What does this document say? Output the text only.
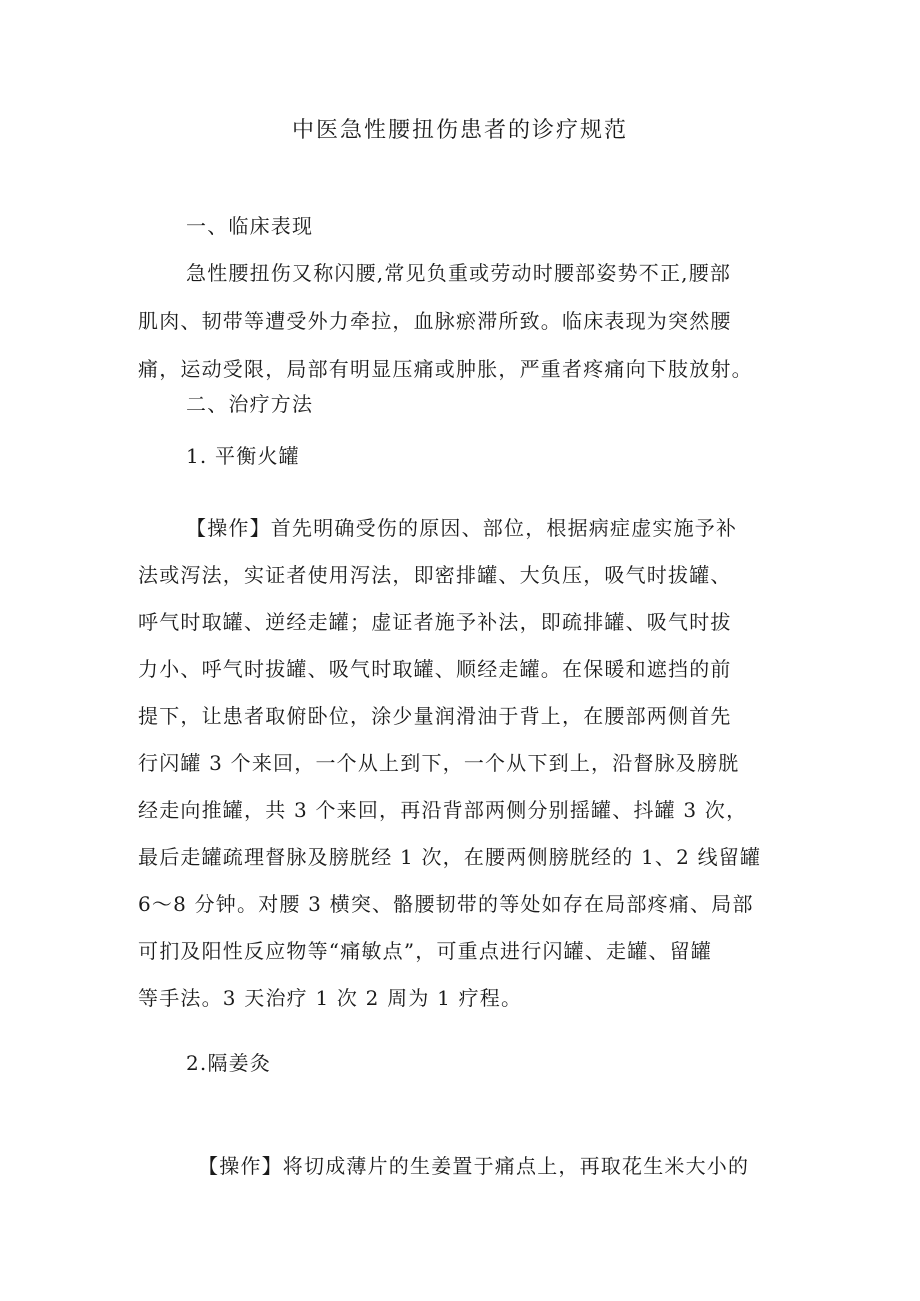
中医急性腰扭伤患者的诊疗规范
一、临床表现
急性腰扭伤又称闪腰,常见负重或劳动时腰部姿势不正,腰部
肌肉、韧带等遭受外力牵拉，血脉瘀滞所致。临床表现为突然腰
痛，运动受限，局部有明显压痛或肿胀，严重者疼痛向下肢放射。
二、治疗方法
1. 平衡火罐
【操作】首先明确受伤的原因、部位，根据病症虚实施予补
法或泻法，实证者使用泻法，即密排罐、大负压，吸气时拔罐、
呼气时取罐、逆经走罐；虚证者施予补法，即疏排罐、吸气时拔
力小、呼气时拔罐、吸气时取罐、顺经走罐。在保暖和遮挡的前
提下，让患者取俯卧位，涂少量润滑油于背上，在腰部两侧首先
行闪罐 3 个来回，一个从上到下，一个从下到上，沿督脉及膀胱
经走向推罐，共 3 个来回，再沿背部两侧分别摇罐、抖罐 3 次，
最后走罐疏理督脉及膀胱经 1 次，在腰两侧膀胱经的 1、2 线留罐
6～8 分钟。对腰 3 横突、骼腰韧带的等处如存在局部疼痛、局部
可扪及阳性反应物等“痛敏点”，可重点进行闪罐、走罐、留罐
等手法。3 天治疗 1 次 2 周为 1 疗程。
2.隔姜灸
【操作】将切成薄片的生姜置于痛点上，再取花生米大小的
